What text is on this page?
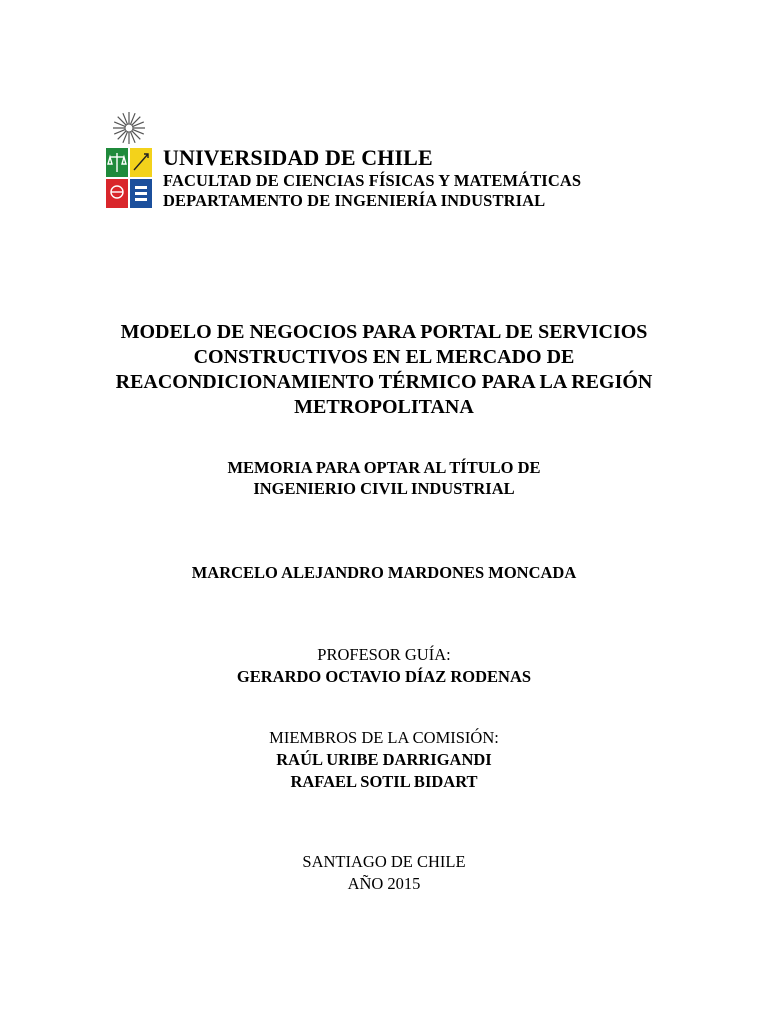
UNIVERSIDAD DE CHILE
FACULTAD DE CIENCIAS FÍSICAS Y MATEMÁTICAS
DEPARTAMENTO DE INGENIERÍA INDUSTRIAL
MODELO DE NEGOCIOS PARA PORTAL DE SERVICIOS
CONSTRUCTIVOS EN EL MERCADO DE
REACONDICIONAMIENTO TÉRMICO PARA LA REGIÓN
METROPOLITANA
MEMORIA PARA OPTAR AL TÍTULO DE
INGENIERIO CIVIL INDUSTRIAL
MARCELO ALEJANDRO MARDONES MONCADA
PROFESOR GUÍA:
GERARDO OCTAVIO DÍAZ RODENAS
MIEMBROS DE LA COMISIÓN:
RAÚL URIBE DARRIGANDI
RAFAEL SOTIL BIDART
SANTIAGO DE CHILE
AÑO 2015
